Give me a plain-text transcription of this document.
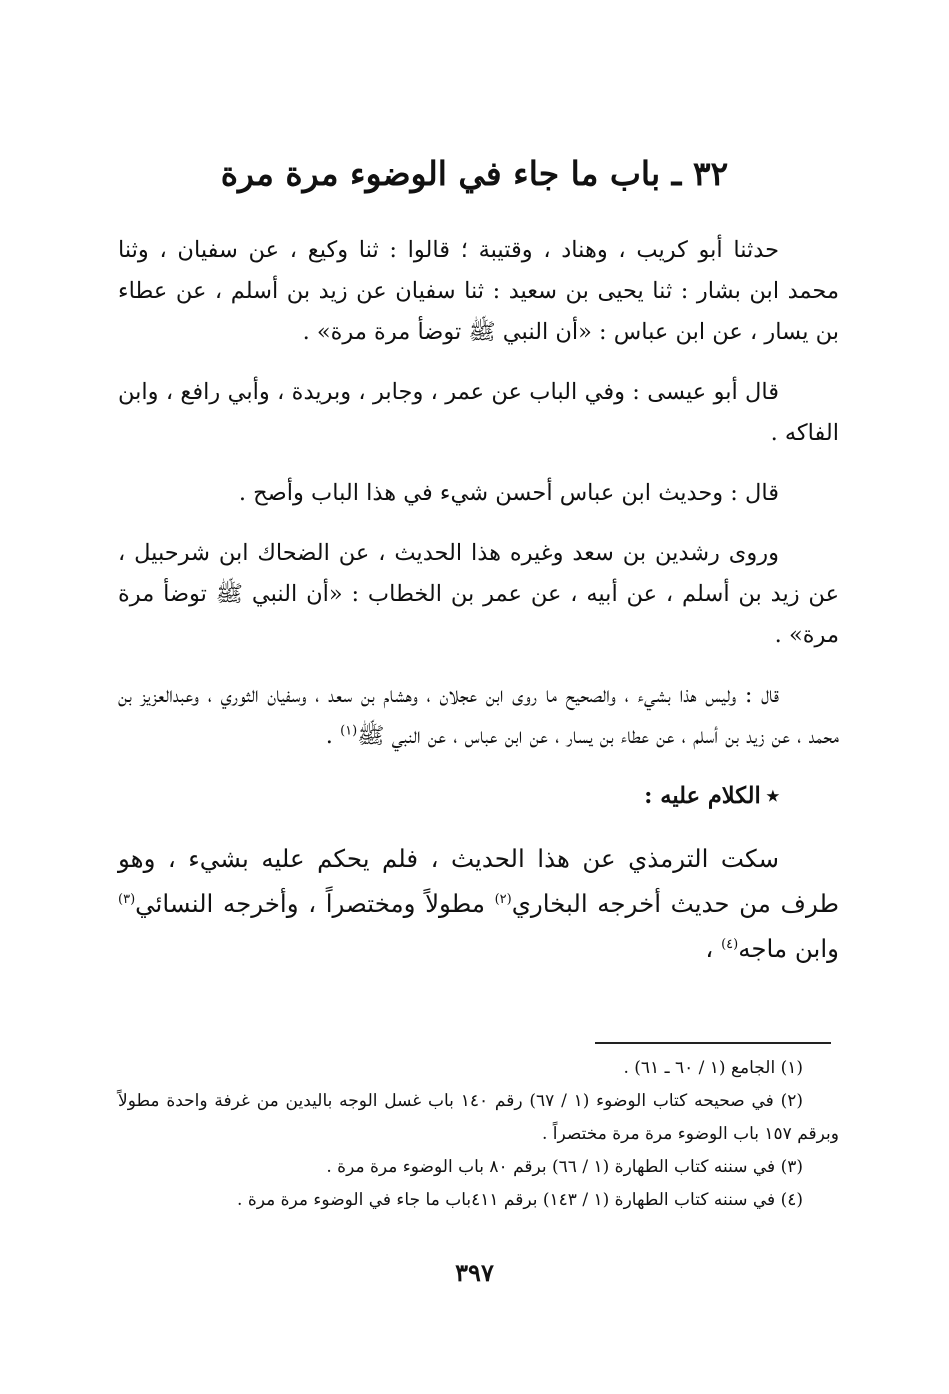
٣٢ ـ باب ما جاء في الوضوء مرة مرة

حدثنا أبو كريب ، وهناد ، وقتيبة ؛ قالوا : ثنا وكيع ، عن سفيان ، وثنا محمد ابن بشار : ثنا يحيى بن سعيد : ثنا سفيان عن زيد بن أسلم ، عن عطاء بن يسار ، عن ابن عباس : «أن النبي ﷺ توضأ مرة مرة» .

قال أبو عيسى : وفي الباب عن عمر ، وجابر ، وبريدة ، وأبي رافع ، وابن الفاكه .

قال : وحديث ابن عباس أحسن شيء في هذا الباب وأصح .

وروى رشدين بن سعد وغيره هذا الحديث ، عن الضحاك ابن شرحبيل ، عن زيد بن أسلم ، عن أبيه ، عن عمر بن الخطاب : «أن النبي ﷺ توضأ مرة مرة» .

قال : وليس هذا بشيء ، والصحيح ما روى ابن عجلان ، وهشام بن سعد ، وسفيان الثوري ، وعبدالعزيز بن محمد ، عن زيد بن أسلم ، عن عطاء بن يسار ، عن ابن عباس ، عن النبي ﷺ$^{(١)}$ .

٭الكلام عليه :

سكت الترمذي عن هذا الحديث ، فلم يحكم عليه بشيء ، وهو طرف من حديث أخرجه البخاري$^{(٢)}$ مطولاً ومختصراً ، وأخرجه النسائي$^{(٣)}$ وابن ماجه$^{(٤)}$ ،

(١) الجامع (١ / ٦٠ ـ ٦١) .

(٢) في صحيحه كتاب الوضوء (١ / ٦٧) رقم ١٤٠ باب غسل الوجه باليدين من غرفة واحدة مطولاً وبرقم ١٥٧ باب الوضوء مرة مرة مختصراً .

(٣) في سننه كتاب الطهارة (١ / ٦٦) برقم ٨٠ باب الوضوء مرة مرة .

(٤) في سننه كتاب الطهارة (١ / ١٤٣) برقم ٤١١باب ما جاء في الوضوء مرة مرة .

٣٩٧
